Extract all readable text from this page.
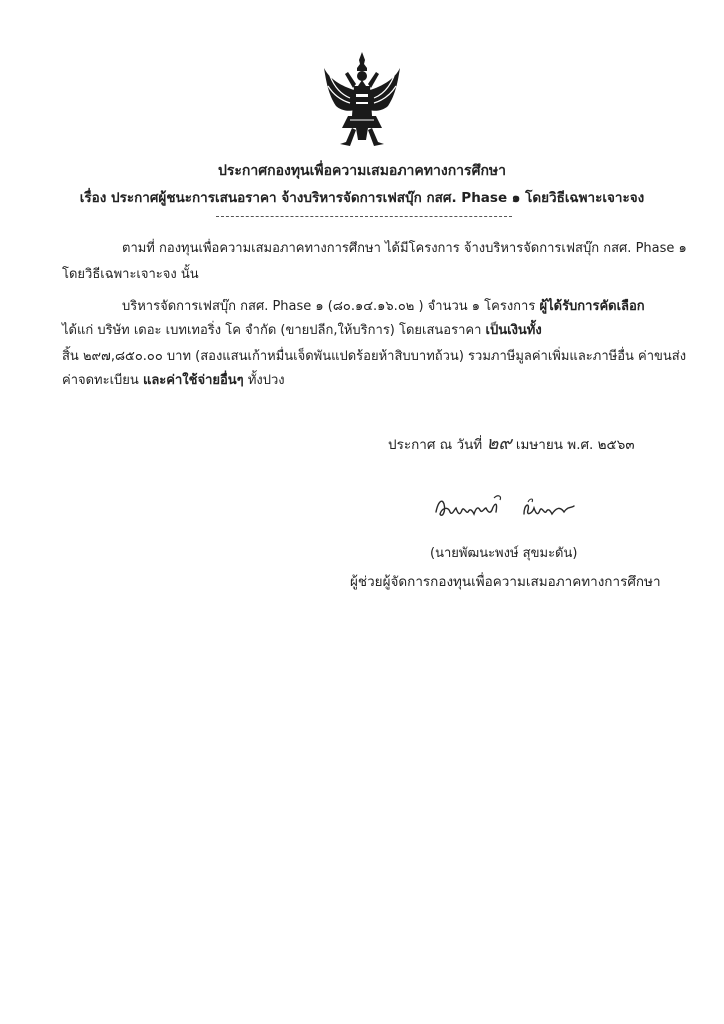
ประกาศกองทุนเพื่อความเสมอภาคทางการศึกษา
เรื่อง ประกาศผู้ชนะการเสนอราคา จ้างบริหารจัดการเฟสบุ๊ก กสศ. Phase ๑ โดยวิธีเฉพาะเจาะจง
ตามที่ กองทุนเพื่อความเสมอภาคทางการศึกษา ได้มีโครงการ จ้างบริหารจัดการเฟสบุ๊ก กสศ. Phase ๑
โดยวิธีเฉพาะเจาะจง นั้น
บริหารจัดการเฟสบุ๊ก กสศ. Phase ๑ (๘๐.๑๔.๑๖.๐๒ ) จำนวน ๑ โครงการ ผู้ได้รับการคัดเลือก
ได้แก่ บริษัท เดอะ เบทเทอริ่ง โค จำกัด (ขายปลีก,ให้บริการ) โดยเสนอราคา เป็นเงินทั้ง
สิ้น ๒๙๗,๘๕๐.๐๐ บาท (สองแสนเก้าหมื่นเจ็ดพันแปดร้อยห้าสิบบาทถ้วน) รวมภาษีมูลค่าเพิ่มและภาษีอื่น ค่าขนส่ง
ค่าจดทะเบียน และค่าใช้จ่ายอื่นๆ ทั้งปวง
ประกาศ ณ วันที่ ๒๙ เมษายน พ.ศ. ๒๕๖๓
(นายพัฒนะพงษ์ สุขมะดัน)
ผู้ช่วยผู้จัดการกองทุนเพื่อความเสมอภาคทางการศึกษา
